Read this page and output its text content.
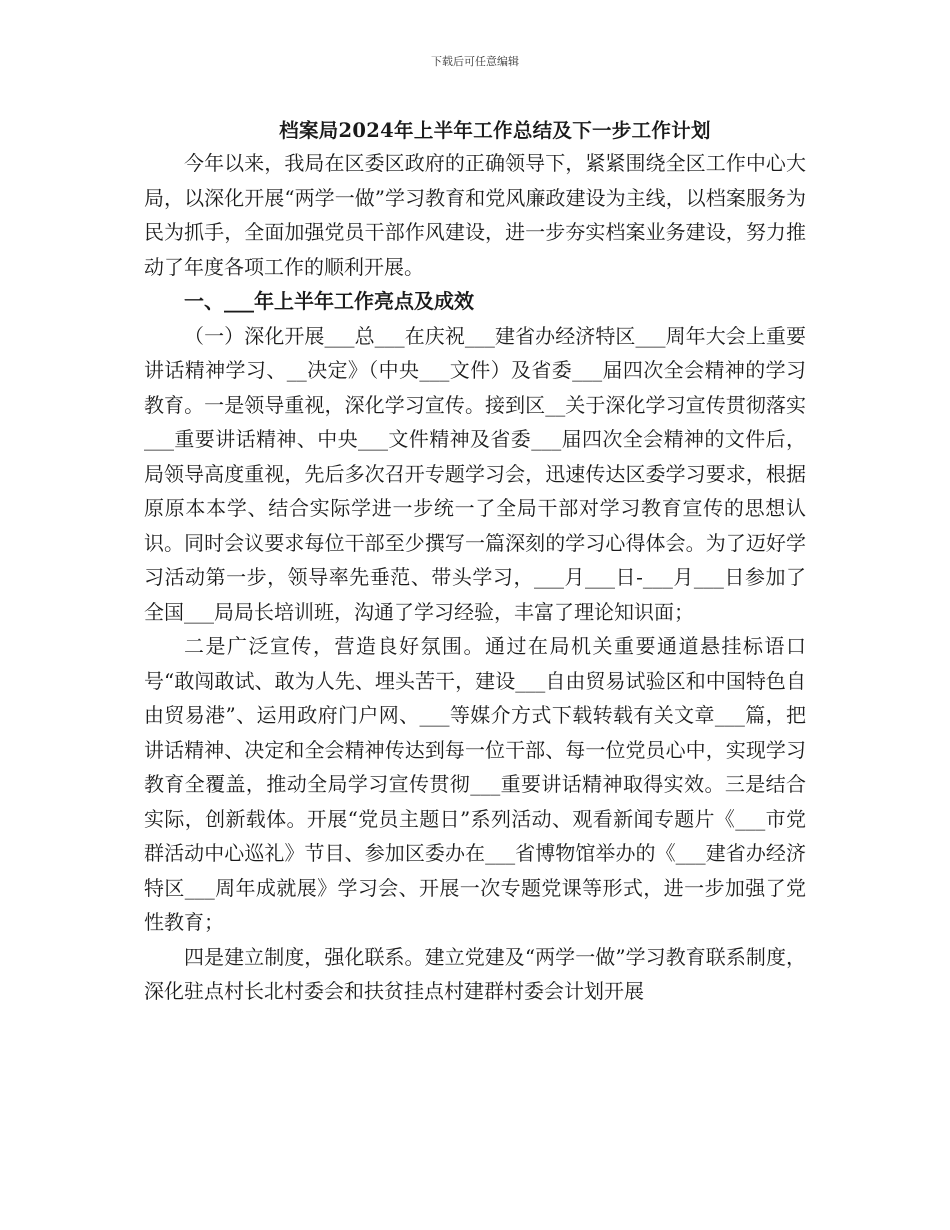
下载后可任意编辑
档案局2024年上半年工作总结及下一步工作计划

今年以来，我局在区委区政府的正确领导下，紧紧围绕全区工作中心大局，以深化开展“两学一做”学习教育和党风廉政建设为主线，以档案服务为民为抓手，全面加强党员干部作风建设，进一步夯实档案业务建设，努力推动了年度各项工作的顺利开展。

一、___年上半年工作亮点及成效

（一）深化开展___总___在庆祝___建省办经济特区___周年大会上重要讲话精神学习、__决定》（中央___文件）及省委___届四次全会精神的学习教育。一是领导重视，深化学习宣传。接到区__关于深化学习宣传贯彻落实___重要讲话精神、中央___文件精神及省委___届四次全会精神的文件后，局领导高度重视，先后多次召开专题学习会，迅速传达区委学习要求，根据原原本本学、结合实际学进一步统一了全局干部对学习教育宣传的思想认识。同时会议要求每位干部至少撰写一篇深刻的学习心得体会。为了迈好学习活动第一步，领导率先垂范、带头学习，___月___日-___月___日参加了全国___局局长培训班，沟通了学习经验，丰富了理论知识面；

二是广泛宣传，营造良好氛围。通过在局机关重要通道悬挂标语口号“敢闯敢试、敢为人先、埋头苦干，建设___自由贸易试验区和中国特色自由贸易港”、运用政府门户网、___等媒介方式下载转载有关文章___篇，把讲话精神、决定和全会精神传达到每一位干部、每一位党员心中，实现学习教育全覆盖，推动全局学习宣传贯彻___重要讲话精神取得实效。三是结合实际，创新载体。开展“党员主题日”系列活动、观看新闻专题片《___市党群活动中心巡礼》节目、参加区委办在___省博物馆举办的《___建省办经济特区___周年成就展》学习会、开展一次专题党课等形式，进一步加强了党性教育；

四是建立制度，强化联系。建立党建及“两学一做”学习教育联系制度，深化驻点村长北村委会和扶贫挂点村建群村委会计划开展
